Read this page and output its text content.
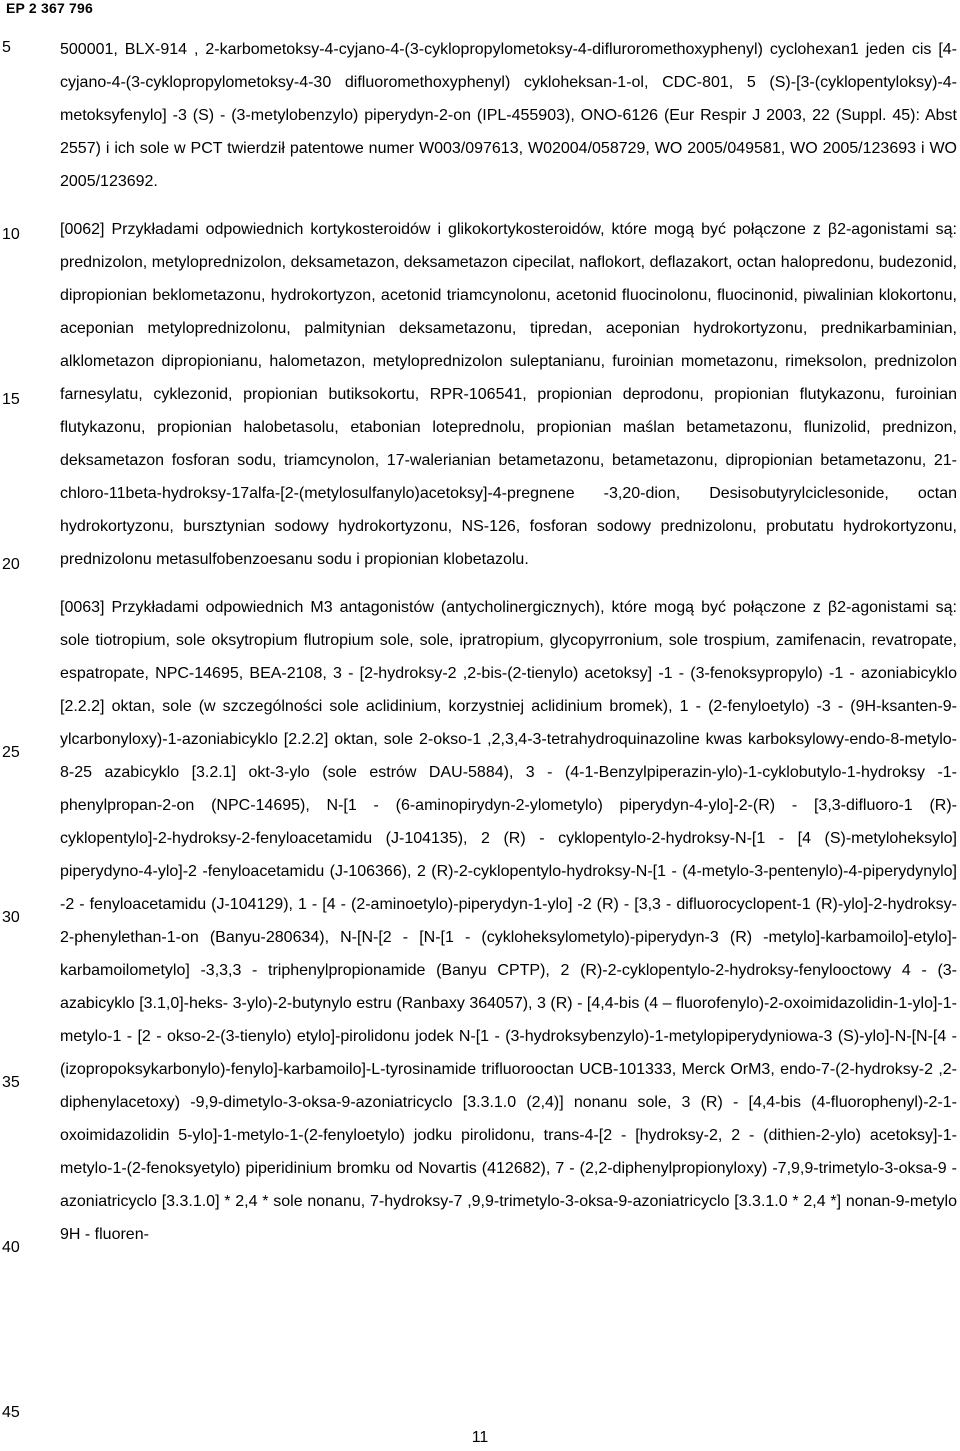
EP 2 367 796
5
10
15
20
25
30
35
40
45

500001, BLX-914 , 2-karbometoksy-4-cyjano-4-(3-cyklopropylometoksy-4-difluroromethoxyphenyl) cyclohexan1 jeden cis [4-cyjano-4-(3-cyklopropylometoksy-4-30 difluoromethoxyphenyl) cykloheksan-1-ol, CDC-801, 5 (S)-[3-(cyklopentyloksy)-4- metoksyfenylo] -3 (S) - (3-metylobenzylo) piperydyn-2-on (IPL-455903), ONO-6126 (Eur Respir J 2003, 22 (Suppl. 45): Abst 2557) i ich sole w PCT twierdził patentowe numer W003/097613, W02004/058729, WO 2005/049581, WO 2005/123693 i WO 2005/123692.

[0062] Przykładami odpowiednich kortykosteroidów i glikokortykosteroidów, które mogą być połączone z β2-agonistami są: prednizolon, metyloprednizolon, deksametazon, deksametazon cipecilat, naflokort, deflazakort, octan halopredonu, budezonid, dipropionian beklometazonu, hydrokortyzon, acetonid triamcynolonu, acetonid fluocinolonu, fluocinonid, piwalinian klokortonu, aceponian metyloprednizolonu, palmitynian deksametazonu, tipredan, aceponian hydrokortyzonu, prednikarbaminian, alklometazon dipropionianu, halometazon, metyloprednizolon suleptanianu, furoinian mometazonu, rimeksolon, prednizolon farnesylatu, cyklezonid, propionian butiksokortu, RPR-106541, propionian deprodonu, propionian flutykazonu, furoinian flutykazonu, propionian halobetasolu, etabonian loteprednolu, propionian maślan betametazonu, flunizolid, prednizon, deksametazon fosforan sodu, triamcynolon, 17-walerianian betametazonu, betametazonu, dipropionian betametazonu, 21-chloro-11beta-hydroksy-17alfa-[2-(metylosulfanylo)acetoksy]-4-pregnene -3,20-dion, Desisobutyrylciclesonide, octan hydrokortyzonu, bursztynian sodowy hydrokortyzonu, NS-126, fosforan sodowy prednizolonu, probutatu hydrokortyzonu, prednizolonu metasulfobenzoesanu sodu i propionian klobetazolu.

[0063] Przykładami odpowiednich M3 antagonistów (antycholinergicznych), które mogą być połączone z β2-agonistami są: sole tiotropium, sole oksytropium flutropium sole, sole, ipratropium, glycopyrronium, sole trospium, zamifenacin, revatropate, espatropate, NPC-14695, BEA-2108, 3 - [2-hydroksy-2 ,2-bis-(2-tienylo) acetoksy] -1 - (3-fenoksypropylo) -1 - azoniabicyklo [2.2.2] oktan, sole (w szczególności sole aclidinium, korzystniej aclidinium bromek), 1 - (2-fenyloetylo) -3 - (9H-ksanten-9-ylcarbonyloxy)-1-azoniabicyklo [2.2.2] oktan, sole 2-okso-1 ,2,3,4-3-tetrahydroquinazoline kwas karboksylowy-endo-8-metylo-8-25 azabicyklo [3.2.1] okt-3-ylo (sole estrów DAU-5884), 3 - (4-1-Benzylpiperazin-ylo)-1-cyklobutylo-1-hydroksy -1-phenylpropan-2-on (NPC-14695), N-[1 - (6-aminopirydyn-2-ylometylo) piperydyn-4-ylo]-2-(R) - [3,3-difluoro-1 (R)-cyklopentylo]-2-hydroksy-2-fenyloacetamidu (J-104135), 2 (R) - cyklopentylo-2-hydroksy-N-[1 - [4 (S)-metyloheksylo] piperydyno-4-ylo]-2 -fenyloacetamidu (J-106366), 2 (R)-2-cyklopentylo-hydroksy-N-[1 - (4-metylo-3-pentenylo)-4-piperydynylo] -2 - fenyloacetamidu (J-104129), 1 - [4 - (2-aminoetylo)-piperydyn-1-ylo] -2 (R) - [3,3 - difluorocyclopent-1 (R)-ylo]-2-hydroksy-2-phenylethan-1-on (Banyu-280634), N-[N-[2 - [N-[1 - (cykloheksylometylo)-piperydyn-3 (R) -metylo]-karbamoilo]-etylo]-karbamoilometylo] -3,3,3 - triphenylpropionamide (Banyu CPTP), 2 (R)-2-cyklopentylo-2-hydroksy-fenylooctowy 4 - (3-azabicyklo [3.1,0]-heks- 3-ylo)-2-butynylo estru (Ranbaxy 364057), 3 (R) - [4,4-bis (4 – fluorofenylo)-2-oxoimidazolidin-1-ylo]-1-metylo-1 - [2 - okso-2-(3-tienylo) etylo]-pirolidonu jodek N-[1 - (3-hydroksybenzylo)-1-metylopiperydyniowa-3 (S)-ylo]-N-[N-[4 - (izopropoksykarbonylo)-fenylo]-karbamoilo]-L-tyrosinamide trifluorooctan UCB-101333, Merck OrM3, endo-7-(2-hydroksy-2 ,2-diphenylacetoxy) -9,9-dimetylo-3-oksa-9-azoniatricyclo [3.3.1.0 (2,4)] nonanu sole, 3 (R) - [4,4-bis (4-fluorophenyl)-2-1-oxoimidazolidin 5-ylo]-1-metylo-1-(2-fenyloetylo) jodku pirolidonu, trans-4-[2 - [hydroksy-2, 2 - (dithien-2-ylo) acetoksy]-1-metylo-1-(2-fenoksyetylo) piperidinium bromku od Novartis (412682), 7 - (2,2-diphenylpropionyloxy) -7,9,9-trimetylo-3-oksa-9 -azoniatricyclo [3.3.1.0] * 2,4 * sole nonanu, 7-hydroksy-7 ,9,9-trimetylo-3-oksa-9-azoniatricyclo [3.3.1.0 * 2,4 *] nonan-9-metylo 9H - fluoren-

11
